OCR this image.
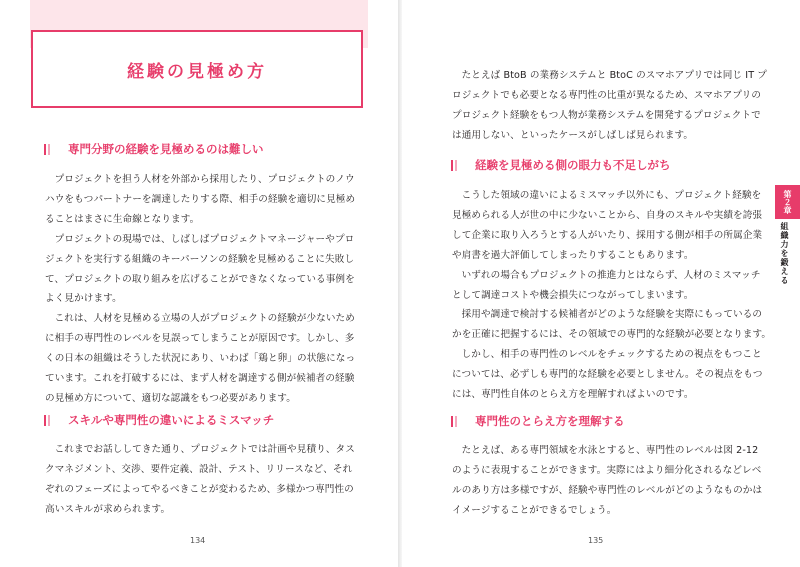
経験の見極め方
専門分野の経験を見極めるのは難しい

プロジェクトを担う人材を外部から採用したり、プロジェクトのノウ
ハウをもつパートナーを調達したりする際、相手の経験を適切に見極め
ることはまさに生命線となります。
プロジェクトの現場では、しばしばプロジェクトマネージャーやプロ
ジェクトを実行する組織のキーパーソンの経験を見極めることに失敗し
て、プロジェクトの取り組みを広げることができなくなっている事例を
よく見かけます。
これは、人材を見極める立場の人がプロジェクトの経験が少ないため
に相手の専門性のレベルを見誤ってしまうことが原因です。しかし、多
くの日本の組織はそうした状況にあり、いわば「鶏と卵」の状態になっ
ています。これを打破するには、まず人材を調達する側が候補者の経験
の見極め方について、適切な認識をもつ必要があります。

スキルや専門性の違いによるミスマッチ

これまでお話ししてきた通り、プロジェクトでは計画や見積り、タス
クマネジメント、交渉、要件定義、設計、テスト、リリースなど、それ
ぞれのフェーズによってやるべきことが変わるため、多様かつ専門性の
高いスキルが求められます。

134

たとえば BtoB の業務システムと BtoC のスマホアプリでは同じ IT プ
ロジェクトでも必要となる専門性の比重が異なるため、スマホアプリの
プロジェクト経験をもつ人物が業務システムを開発するプロジェクトで
は通用しない、といったケースがしばしば見られます。

経験を見極める側の眼力も不足しがち

こうした領域の違いによるミスマッチ以外にも、プロジェクト経験を
見極められる人が世の中に少ないことから、自身のスキルや実績を誇張
して企業に取り入ろうとする人がいたり、採用する側が相手の所属企業
や肩書を過大評価してしまったりすることもあります。
いずれの場合もプロジェクトの推進力とはならず、人材のミスマッチ
として調達コストや機会損失につながってしまいます。
採用や調達で検討する候補者がどのような経験を実際にもっているの
かを正確に把握するには、その領域での専門的な経験が必要となります。
しかし、相手の専門性のレベルをチェックするための視点をもつこと
については、必ずしも専門的な経験を必要としません。その視点をもつ
には、専門性自体のとらえ方を理解すればよいのです。

専門性のとらえ方を理解する

たとえば、ある専門領域を水泳とすると、専門性のレベルは図 2-12
のように表現することができます。実際にはより細分化されるなどレベ
ルのあり方は多様ですが、経験や専門性のレベルがどのようなものかは
イメージすることができるでしょう。

135
第２章
組織力を鍛える
